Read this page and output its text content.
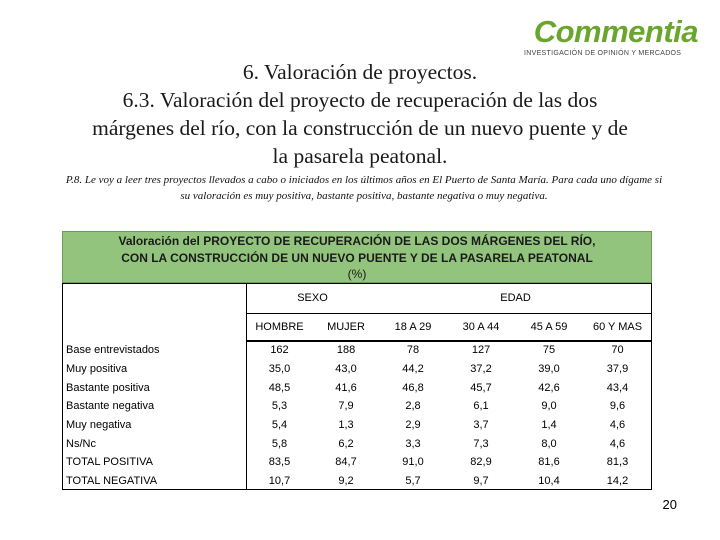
Commentia
INVESTIGACIÓN DE OPINIÓN Y MERCADOS
6. Valoración de proyectos.
6.3. Valoración del proyecto de recuperación de las dos
márgenes del río, con la construcción de un nuevo puente y de
la pasarela peatonal.
P.8. Le voy a leer tres proyectos llevados a cabo o iniciados en los últimos años en El Puerto de Santa María. Para cada uno dígame si su valoración es muy positiva, bastante positiva, bastante negativa o muy negativa.
Valoración del PROYECTO DE RECUPERACIÓN DE LAS DOS MÁRGENES DEL RÍO,
CON LA CONSTRUCCIÓN DE UN NUEVO PUENTE Y DE LA PASARELA PEATONAL
(%)
	SEXO		EDAD			
	HOMBRE	MUJER	18 A 29	30 A 44	45 A 59	60 Y MAS
Base entrevistados	162	188	78	127	75	70
Muy positiva	35,0	43,0	44,2	37,2	39,0	37,9
Bastante positiva	48,5	41,6	46,8	45,7	42,6	43,4
Bastante negativa	5,3	7,9	2,8	6,1	9,0	9,6
Muy negativa	5,4	1,3	2,9	3,7	1,4	4,6
Ns/Nc	5,8	6,2	3,3	7,3	8,0	4,6
TOTAL POSITIVA	83,5	84,7	91,0	82,9	81,6	81,3
TOTAL NEGATIVA	10,7	9,2	5,7	9,7	10,4	14,2
20
